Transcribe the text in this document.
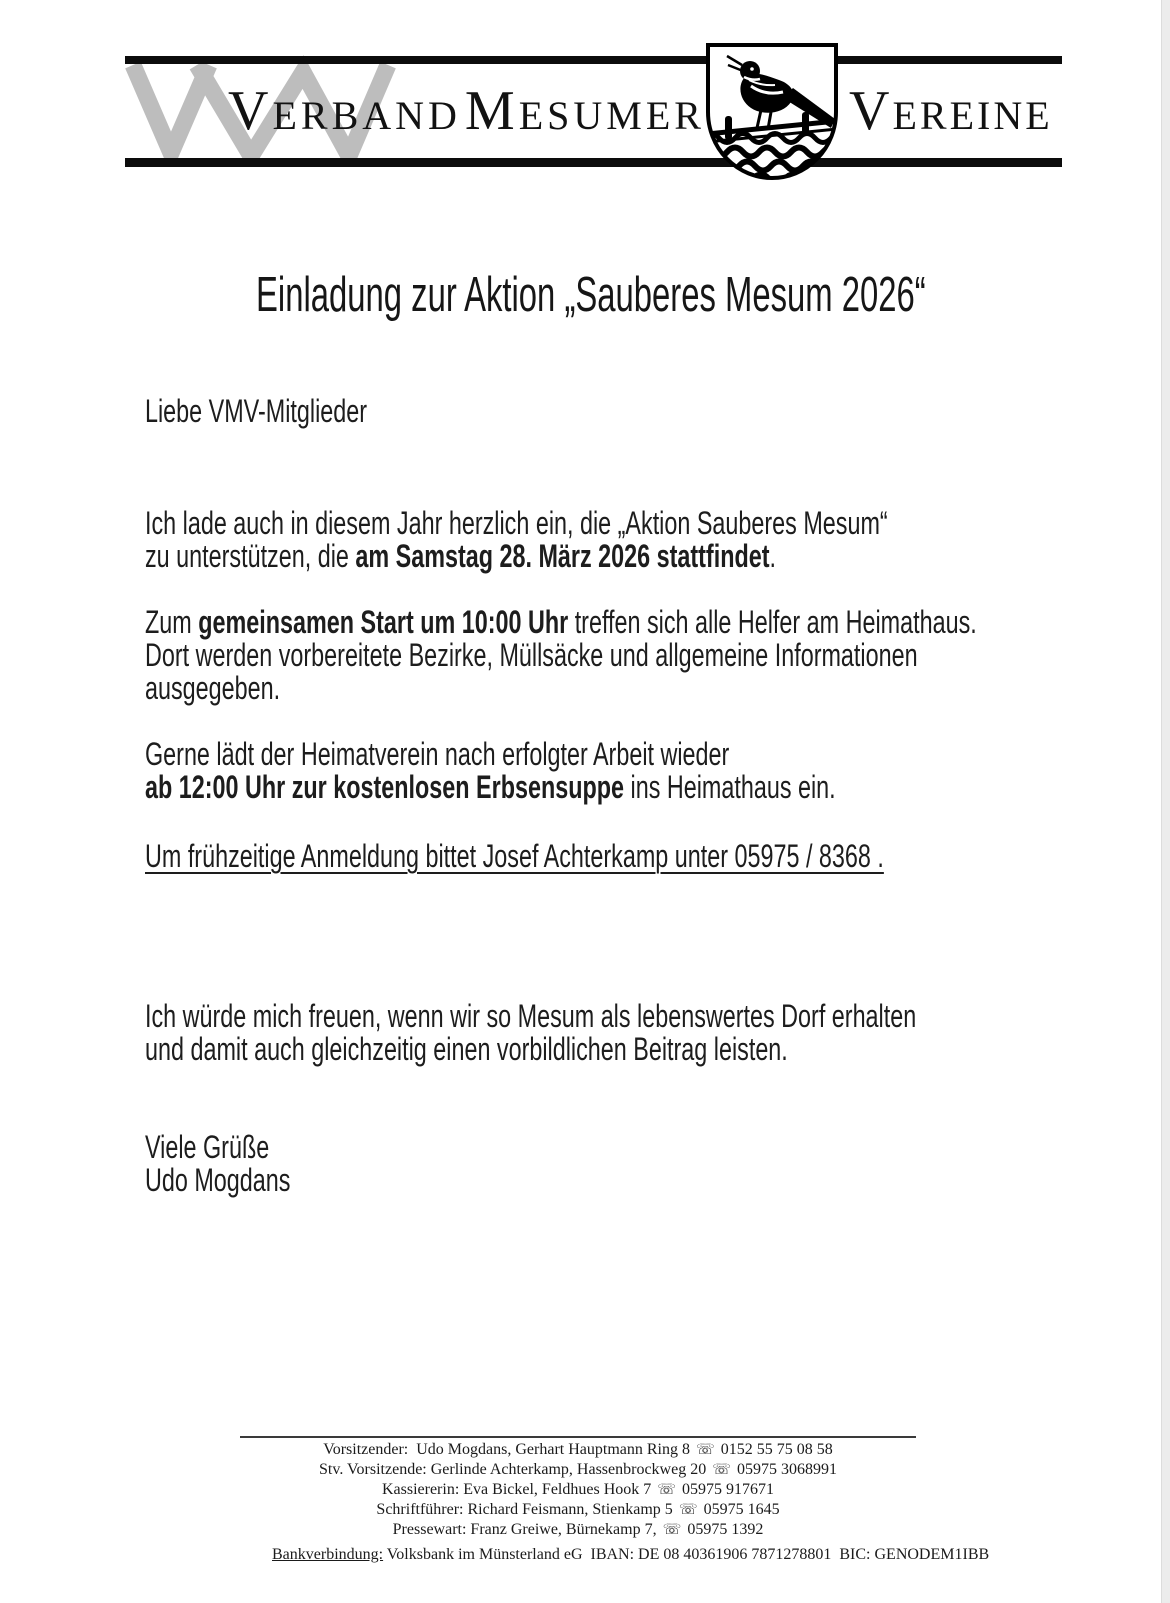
VERBAND MESUMER	VEREINE
Einladung zur Aktion „Sauberes Mesum 2026“
Liebe VMV-Mitglieder
Ich lade auch in diesem Jahr herzlich ein, die „Aktion Sauberes Mesum“
zu unterstützen, die am Samstag 28. März 2026 stattfindet.
Zum gemeinsamen Start um 10:00 Uhr treffen sich alle Helfer am Heimathaus.
Dort werden vorbereitete Bezirke, Müllsäcke und allgemeine Informationen
ausgegeben.
Gerne lädt der Heimatverein nach erfolgter Arbeit wieder
ab 12:00 Uhr zur kostenlosen Erbsensuppe ins Heimathaus ein.
Um frühzeitige Anmeldung bittet Josef Achterkamp unter 05975 / 8368 .
Ich würde mich freuen, wenn wir so Mesum als lebenswertes Dorf erhalten
und damit auch gleichzeitig einen vorbildlichen Beitrag leisten.
Viele Grüße
Udo Mogdans
Vorsitzender:  Udo Mogdans, Gerhart Hauptmann Ring 8 ☏ 0152 55 75 08 58
Stv. Vorsitzende: Gerlinde Achterkamp, Hassenbrockweg 20 ☏ 05975 3068991
Kassiererin: Eva Bickel, Feldhues Hook 7 ☏ 05975 917671
Schriftführer: Richard Feismann, Stienkamp 5 ☏ 05975 1645
Pressewart: Franz Greiwe, Bürnekamp 7, ☏ 05975 1392
Bankverbindung: Volksbank im Münsterland eG  IBAN: DE 08 40361906 7871278801  BIC: GENODEM1IBB
